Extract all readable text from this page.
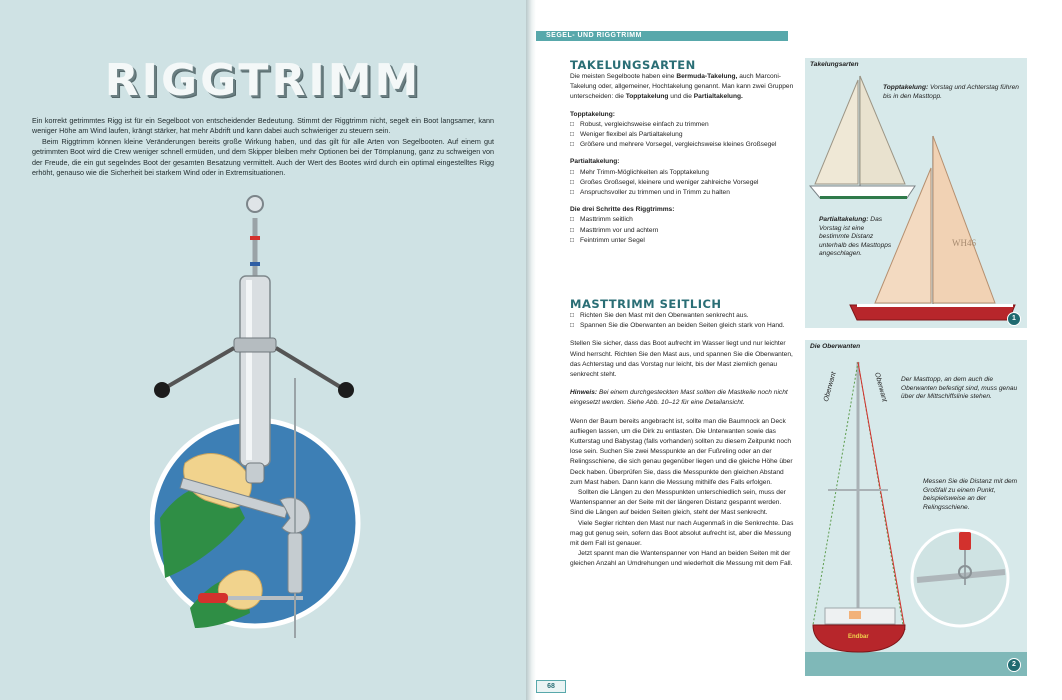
RIGGTRIMM

Ein korrekt getrimmtes Rigg ist für ein Segelboot von entscheidender Bedeutung. Stimmt der Riggtrimm nicht, segelt ein Boot langsamer, kann weniger Höhe am Wind laufen, krängt stärker, hat mehr Abdrift und kann dabei auch schwieriger zu steuern sein.

Beim Riggtrimm können kleine Veränderungen bereits große Wirkung haben, und das gilt für alle Arten von Segelbooten. Auf einem gut getrimmten Boot wird die Crew weniger schnell ermüden, und dem Skipper bleiben mehr Optionen bei der Törnplanung, ganz zu schweigen von der Freude, die ein gut segelndes Boot der gesamten Besatzung vermittelt. Auch der Wert des Bootes wird durch ein optimal eingestelltes Rigg erhöht, genauso wie die Sicherheit bei starkem Wind oder in Extremsituationen.

SEGEL- UND RIGGTRIMM
TAKELUNGSARTEN

Die meisten Segelboote haben eine Bermuda-Takelung, auch Marconi-Takelung oder, allgemeiner, Hochtakelung genannt. Man kann zwei Gruppen unterscheiden: die Topptakelung und die Partialtakelung.

Topptakelung:

□ Robust, vergleichsweise einfach zu trimmen
□ Weniger flexibel als Partialtakelung
□ Größere und mehrere Vorsegel, vergleichsweise kleines Großsegel

Partialtakelung:

□ Mehr Trimm-Möglichkeiten als Topptakelung
□ Großes Großsegel, kleinere und weniger zahlreiche Vorsegel
□ Anspruchsvoller zu trimmen und in Trimm zu halten

Die drei Schritte des Riggtrimms:

□ Masttrimm seitlich
□ Masttrimm vor und achtern
□ Feintrimm unter Segel
MASTTRIMM SEITLICH
□ Richten Sie den Mast mit den Oberwanten senkrecht aus.
□ Spannen Sie die Oberwanten an beiden Seiten gleich stark von Hand.

Stellen Sie sicher, dass das Boot aufrecht im Wasser liegt und nur leichter Wind herrscht. Richten Sie den Mast aus, und spannen Sie die Oberwanten, das Achterstag und das Vorstag nur leicht, bis der Mast ziemlich genau senkrecht steht.

Hinweis: Bei einem durchgesteckten Mast sollten die Mastkeile noch nicht eingesetzt werden. Siehe Abb. 10–12 für eine Detailansicht.

Wenn der Baum bereits angebracht ist, sollte man die Baumnock an Deck aufliegen lassen, um die Dirk zu entlasten. Die Unterwanten sowie das Kutterstag und Babystag (falls vorhanden) sollten zu diesem Zeitpunkt noch lose sein. Suchen Sie zwei Messpunkte an der Fußreling oder an der Relingsschiene, die sich genau gegenüber liegen und die gleiche Höhe über Deck haben. Überprüfen Sie, dass die Messpunkte den gleichen Abstand zum Mast haben. Dann kann die Messung mithilfe des Falls erfolgen.

Sollten die Längen zu den Messpunkten unterschiedlich sein, muss der Wantenspanner an der Seite mit der längeren Distanz gespannt werden. Sind die Längen auf beiden Seiten gleich, steht der Mast senkrecht.

Viele Segler richten den Mast nur nach Augenmaß in die Senkrechte. Das mag gut genug sein, sofern das Boot absolut aufrecht ist, aber die Messung mit dem Fall ist genauer.

Jetzt spannt man die Wantenspanner von Hand an beiden Seiten mit der gleichen Anzahl an Umdrehungen und wiederholt die Messung mit dem Fall.

Takelungsarten
WH46
Topptakelung: Vorstag und Achterstag führen bis in den Masttopp.
Partialtakelung: Das Vorstag ist eine bestimmte Distanz unterhalb des Masttopps angeschlagen.
1
Die Oberwanten
Oberwant	Oberwant
Endbar
Der Masttopp, an dem auch die Oberwanten befestigt sind, muss genau über der Mittschiffslinie stehen.
Messen Sie die Distanz mit dem Großfall zu einem Punkt, beispielsweise an der Relingsschiene.
2
68
